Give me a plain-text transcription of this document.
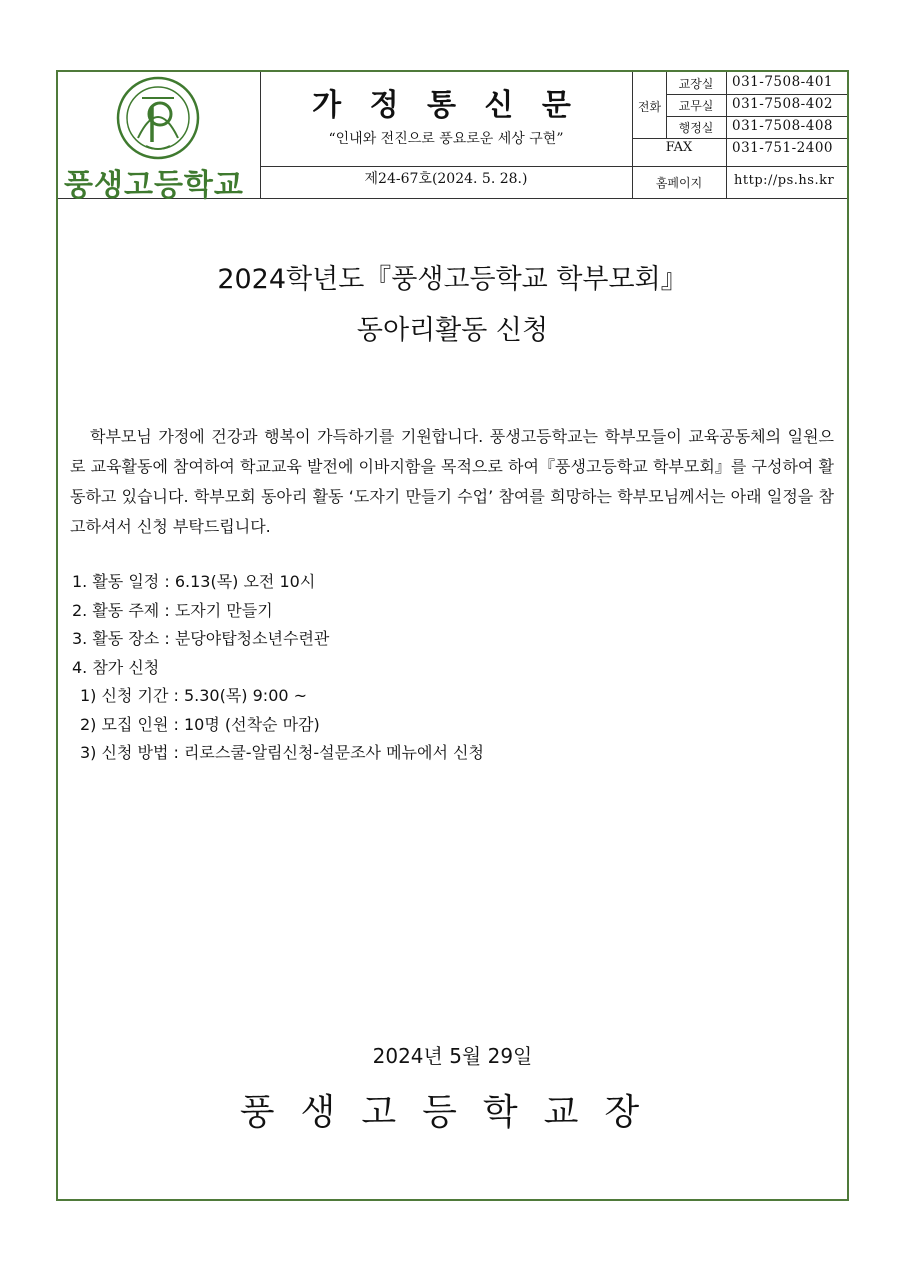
풍생고등학교
가 정 통 신 문
“인내와 전진으로 풍요로운 세상 구현”
제24-67호(2024. 5. 28.)
전화
교장실	031-7508-401
교무실	031-7508-402
행정실	031-7508-408
FAX	031-751-2400
홈페이지	http://ps.hs.kr
2024학년도『풍생고등학교 학부모회』
동아리활동 신청
학부모님 가정에 건강과 행복이 가득하기를 기원합니다. 풍생고등학교는 학부모들이 교육공동체의 일원으로 교육활동에 참여하여 학교교육 발전에 이바지함을 목적으로 하여『풍생고등학교 학부모회』를 구성하여 활동하고 있습니다. 학부모회 동아리 활동 ‘도자기 만들기 수업’ 참여를 희망하는 학부모님께서는 아래 일정을 참고하셔서 신청 부탁드립니다.
1. 활동 일정 : 6.13(목) 오전 10시
2. 활동 주제 : 도자기 만들기
3. 활동 장소 : 분당야탑청소년수련관
4. 참가 신청
1) 신청 기간 : 5.30(목) 9:00 ~
2) 모집 인원 : 10명 (선착순 마감)
3) 신청 방법 : 리로스쿨-알림신청-설문조사 메뉴에서 신청
2024년 5월 29일
풍생고등학교장
